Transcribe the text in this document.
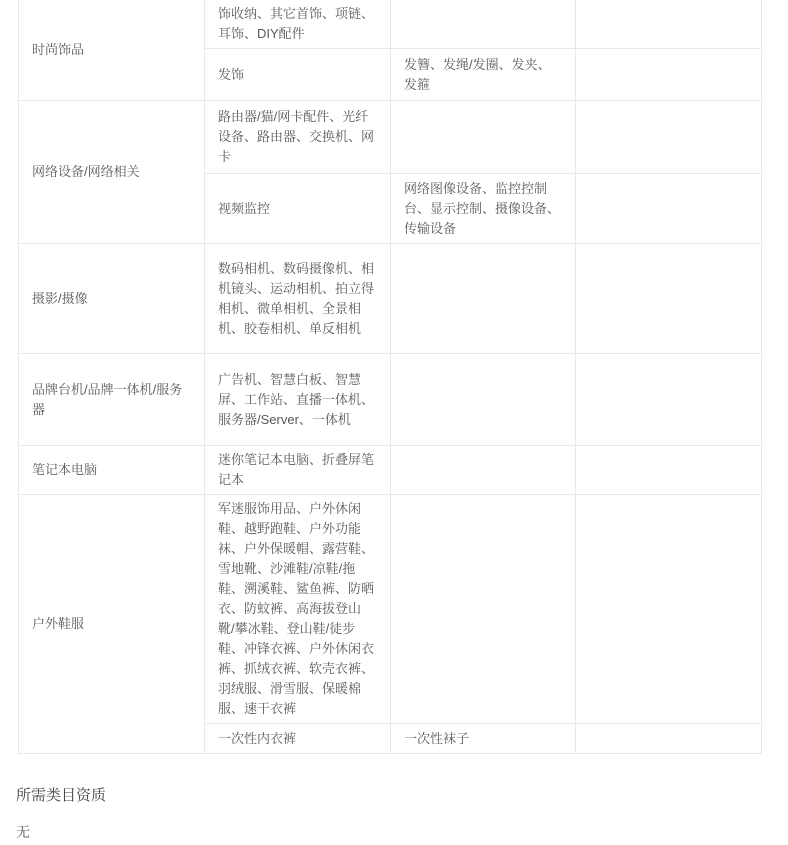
时尚饰品	饰收纳、其它首饰、项链、耳饰、DIY配件		
	发饰	发簪、发绳/发圈、发夹、发箍	
网络设备/网络相关	路由器/猫/网卡配件、光纤设备、路由器、交换机、网卡		
	视频监控	网络图像设备、监控控制台、显示控制、摄像设备、传输设备	
摄影/摄像	数码相机、数码摄像机、相机镜头、运动相机、拍立得相机、微单相机、全景相机、胶卷相机、单反相机		
品牌台机/品牌一体机/服务器	广告机、智慧白板、智慧屏、工作站、直播一体机、服务器/Server、一体机		
笔记本电脑	迷你笔记本电脑、折叠屏笔记本		
户外鞋服	军迷服饰用品、户外休闲鞋、越野跑鞋、户外功能袜、户外保暖帽、露营鞋、雪地靴、沙滩鞋/凉鞋/拖鞋、溯溪鞋、鲨鱼裤、防晒衣、防蚊裤、高海拔登山靴/攀冰鞋、登山鞋/徒步鞋、冲锋衣裤、户外休闲衣裤、抓绒衣裤、软壳衣裤、羽绒服、滑雪服、保暖棉服、速干衣裤		
	一次性内衣裤	一次性袜子	
所需类目资质
无
